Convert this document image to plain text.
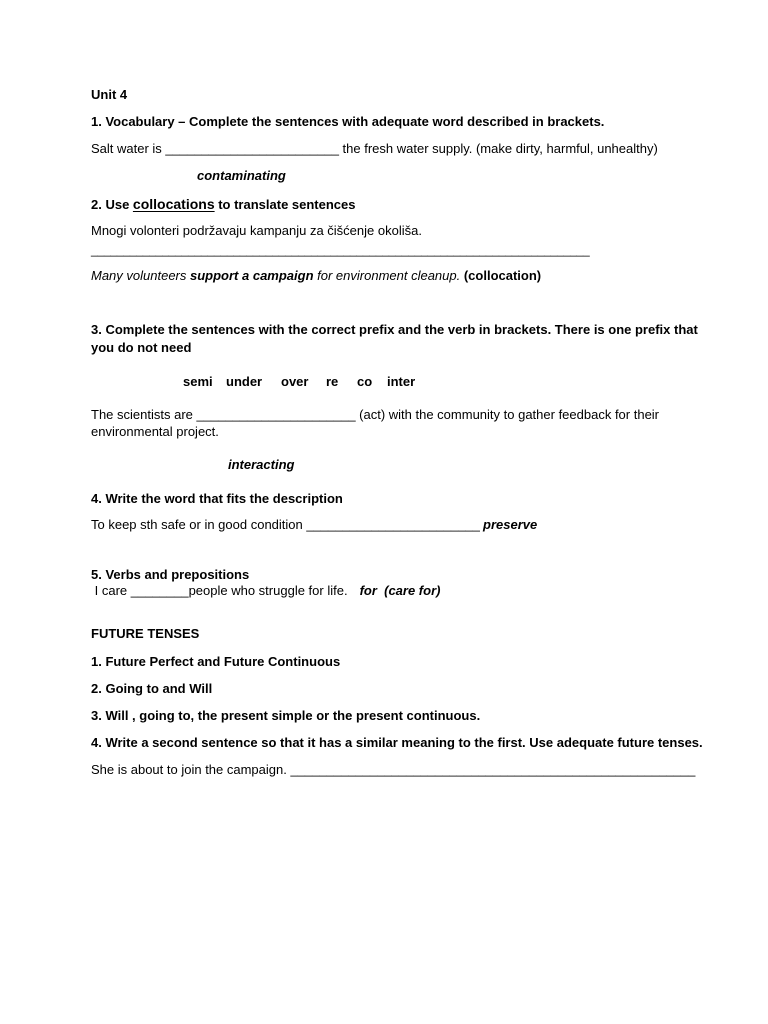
Unit 4
1. Vocabulary – Complete the sentences with adequate word described in brackets.
Salt water is ________________________ the fresh water supply. (make dirty, harmful, unhealthy)
contaminating
2. Use collocations to translate sentences
Mnogi volonteri podržavaju kampanju za čišćenje okoliša.
_____________________________________________________________________________
Many volunteers support a campaign for environment cleanup. (collocation)
3. Complete the sentences with the correct prefix and the verb in brackets. There is one prefix that
you do not need
semi under over re co inter
The scientists are ______________________ (act) with the community to gather feedback for their
environmental project.
interacting
4. Write the word that fits the description
To keep sth safe or in good condition ________________________ preserve
5. Verbs and prepositions
I care ________people who struggle for life. for  (care for)
FUTURE TENSES
1. Future Perfect and Future Continuous
2. Going to and Will
3. Will , going to, the present simple or the present continuous.
4. Write a second sentence so that it has a similar meaning to the first. Use adequate future tenses.
She is about to join the campaign. ________________________________________________________
